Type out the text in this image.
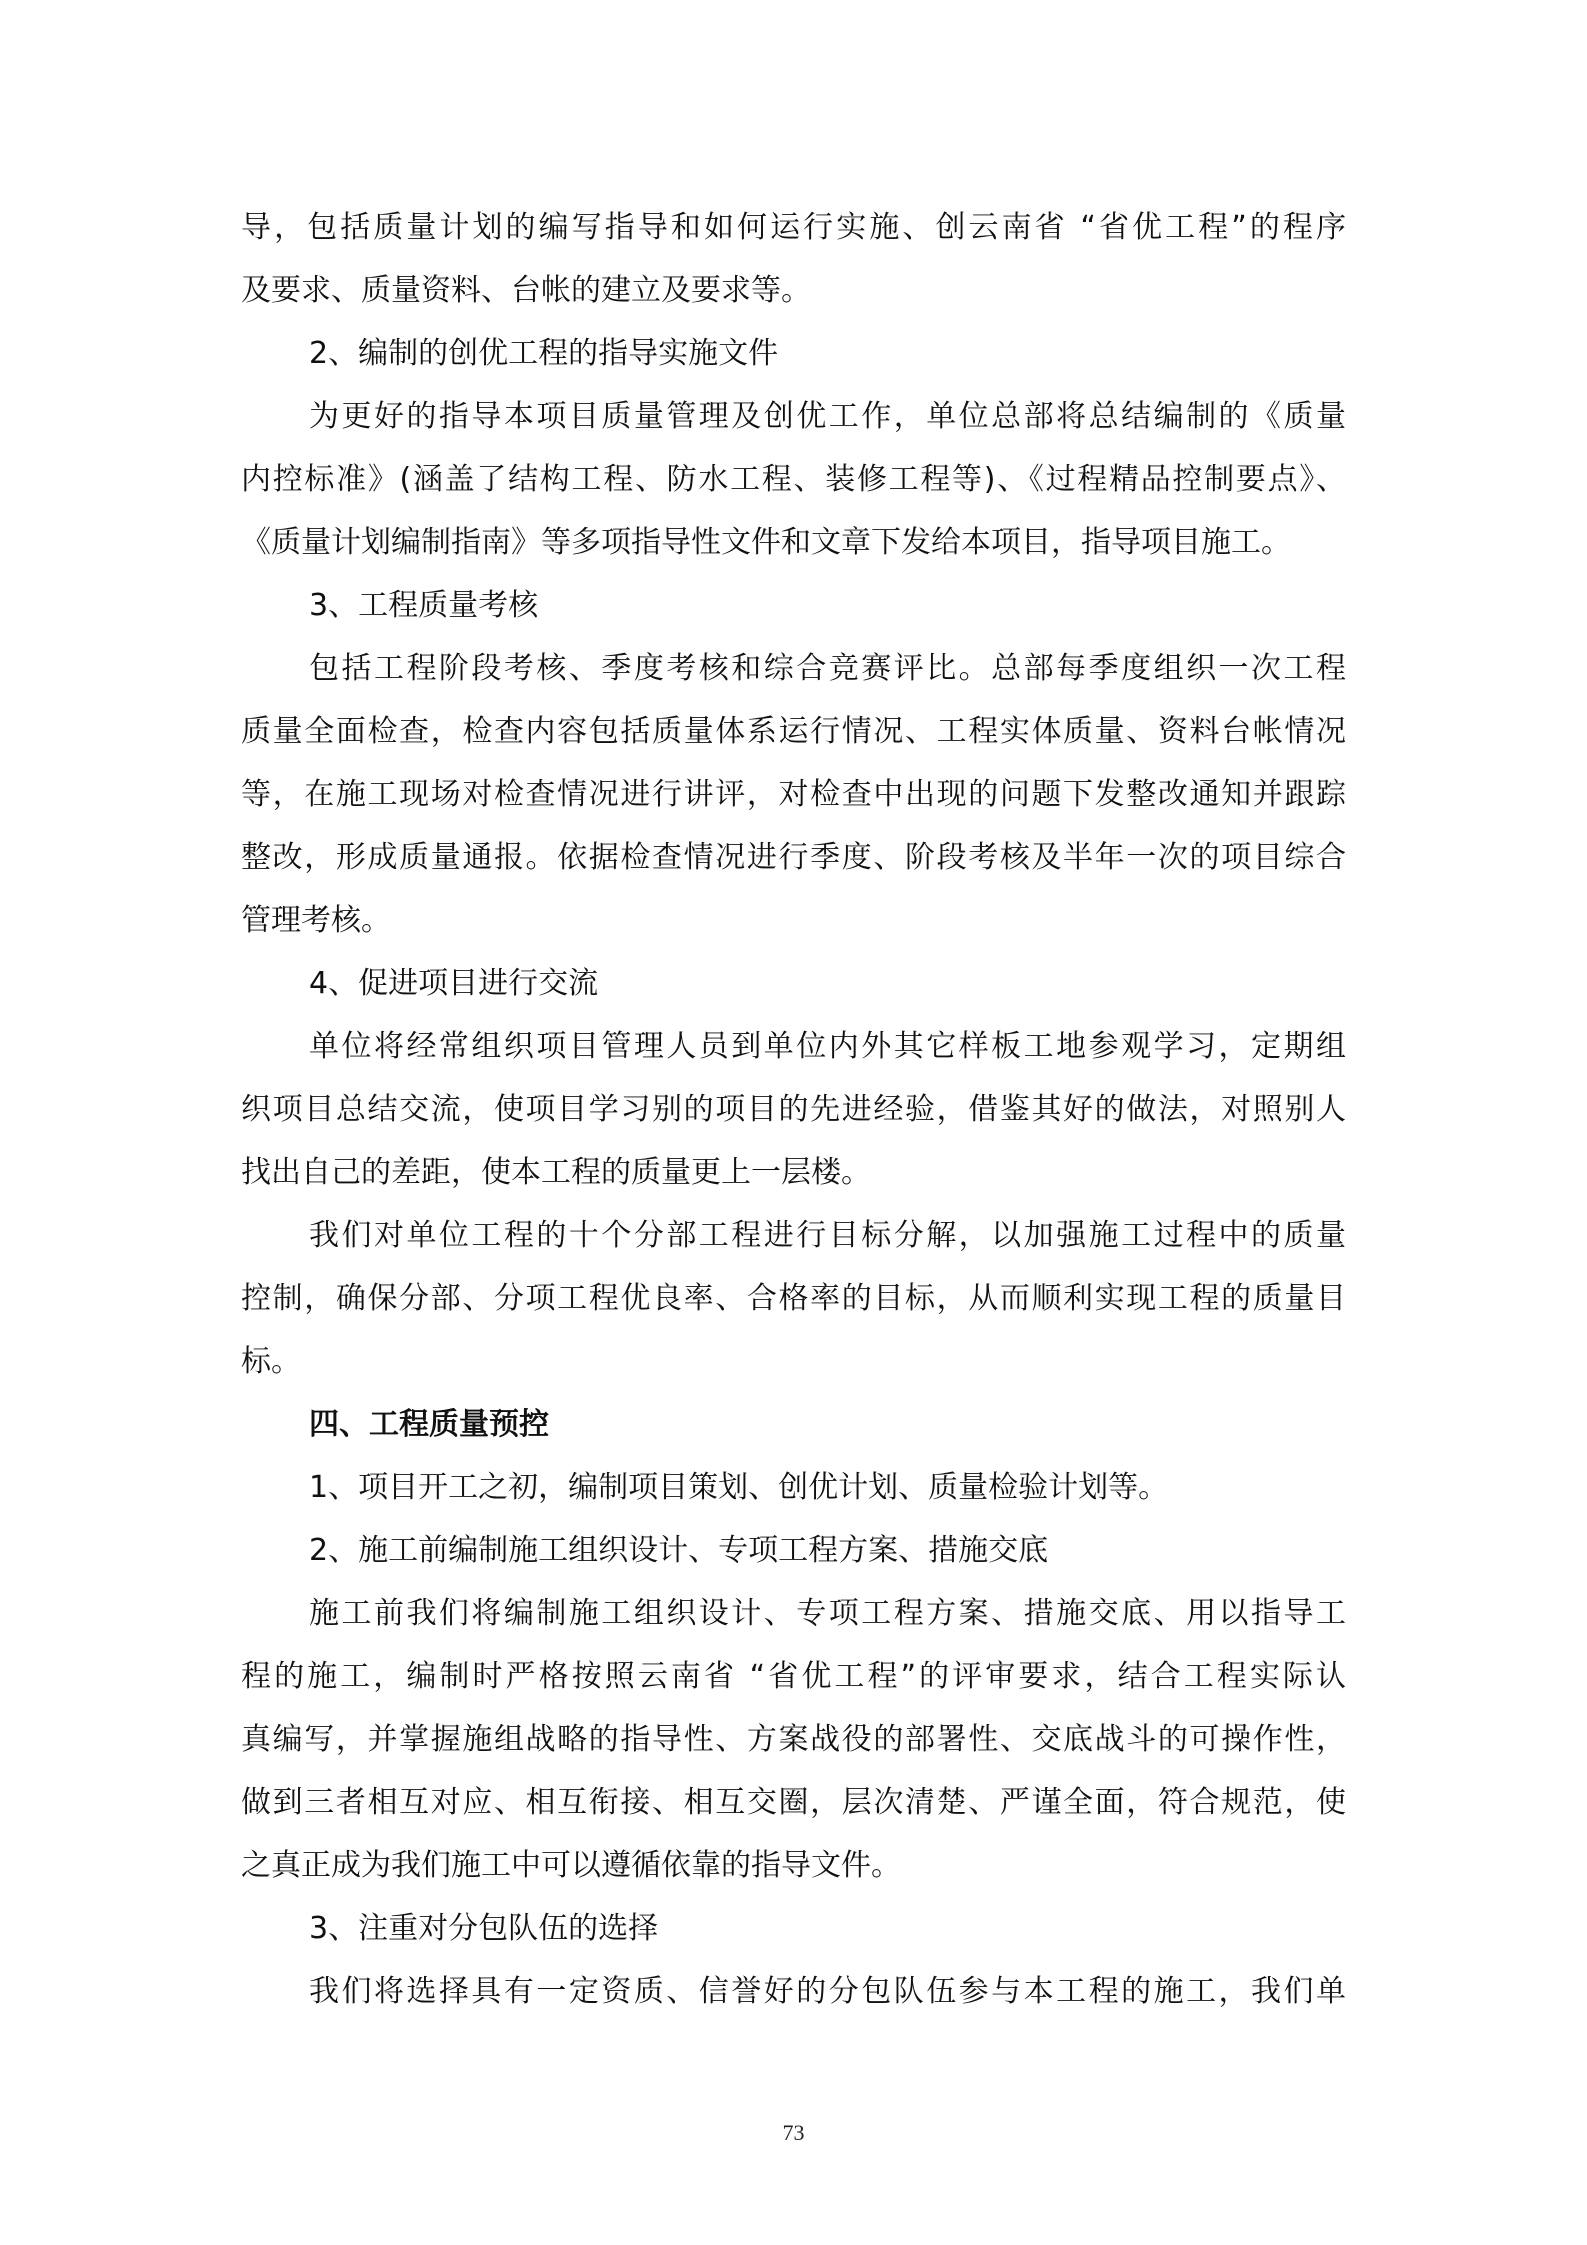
导，包括质量计划的编写指导和如何运行实施、创云南省 “省优工程”的程序
及要求、质量资料、台帐的建立及要求等。
2、编制的创优工程的指导实施文件
为更好的指导本项目质量管理及创优工作，单位总部将总结编制的《质量
内控标准》(涵盖了结构工程、防水工程、装修工程等)、《过程精品控制要点》、
《质量计划编制指南》等多项指导性文件和文章下发给本项目，指导项目施工。
3、工程质量考核
包括工程阶段考核、季度考核和综合竞赛评比。总部每季度组织一次工程
质量全面检查，检查内容包括质量体系运行情况、工程实体质量、资料台帐情况
等，在施工现场对检查情况进行讲评，对检查中出现的问题下发整改通知并跟踪
整改，形成质量通报。依据检查情况进行季度、阶段考核及半年一次的项目综合
管理考核。
4、促进项目进行交流
单位将经常组织项目管理人员到单位内外其它样板工地参观学习，定期组
织项目总结交流，使项目学习别的项目的先进经验，借鉴其好的做法，对照别人
找出自己的差距，使本工程的质量更上一层楼。
我们对单位工程的十个分部工程进行目标分解，以加强施工过程中的质量
控制，确保分部、分项工程优良率、合格率的目标，从而顺利实现工程的质量目
标。
四、工程质量预控
1、项目开工之初，编制项目策划、创优计划、质量检验计划等。
2、施工前编制施工组织设计、专项工程方案、措施交底
施工前我们将编制施工组织设计、专项工程方案、措施交底、用以指导工
程的施工，编制时严格按照云南省 “省优工程”的评审要求，结合工程实际认
真编写，并掌握施组战略的指导性、方案战役的部署性、交底战斗的可操作性，
做到三者相互对应、相互衔接、相互交圈，层次清楚、严谨全面，符合规范，使
之真正成为我们施工中可以遵循依靠的指导文件。
3、注重对分包队伍的选择
我们将选择具有一定资质、信誉好的分包队伍参与本工程的施工，我们单
73
